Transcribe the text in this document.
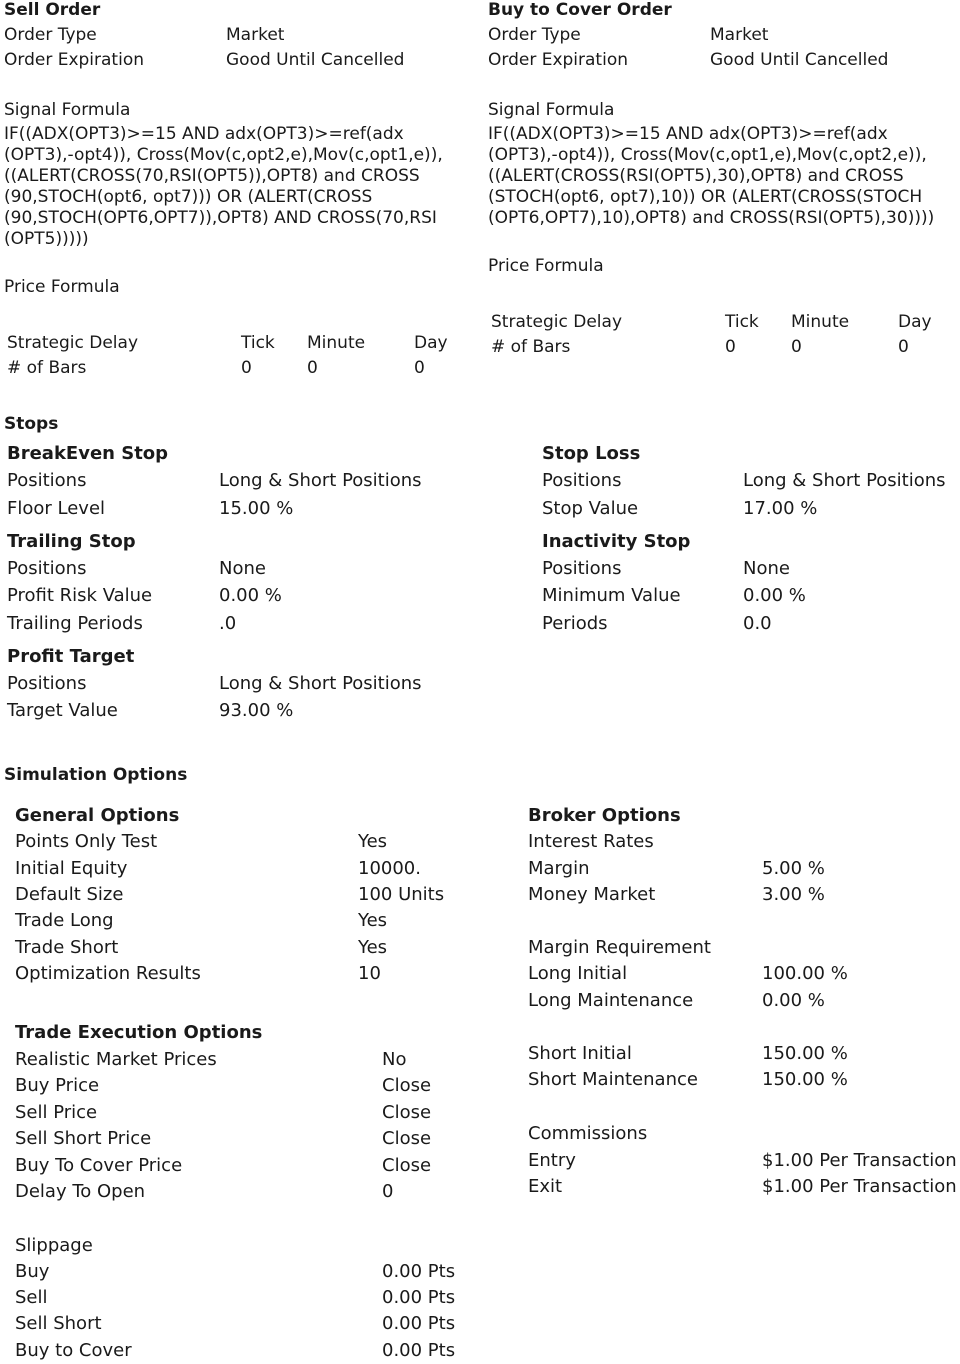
Sell Order
Order Type	Market
Order Expiration	Good Until Cancelled
Signal Formula
IF((ADX(OPT3)>=15 AND adx(OPT3)>=ref(adx
(OPT3),-opt4)), Cross(Mov(c,opt2,e),Mov(c,opt1,e)),
((ALERT(CROSS(70,RSI(OPT5)),OPT8) and CROSS
(90,STOCH(opt6, opt7))) OR (ALERT(CROSS
(90,STOCH(OPT6,OPT7)),OPT8) AND CROSS(70,RSI
(OPT5)))))
Price Formula
Strategic Delay	Tick Minute	Day
# of Bars	0	0	0
Buy to Cover Order
Order Type	Market
Order Expiration	Good Until Cancelled
Signal Formula
IF((ADX(OPT3)>=15 AND adx(OPT3)>=ref(adx
(OPT3),-opt4)), Cross(Mov(c,opt1,e),Mov(c,opt2,e)),
((ALERT(CROSS(RSI(OPT5),30),OPT8) and CROSS
(STOCH(opt6, opt7),10)) OR (ALERT(CROSS(STOCH
(OPT6,OPT7),10),OPT8) and CROSS(RSI(OPT5),30))))
Price Formula
Strategic Delay	Tick Minute	Day
# of Bars	0	0	0
Stops
BreakEven Stop
Positions	Long & Short Positions
Floor Level	15.00 %
Trailing Stop
Positions	None
Profit Risk Value	0.00 %
Trailing Periods	.0
Profit Target
Positions	Long & Short Positions
Target Value	93.00 %
Stop Loss
Positions	Long & Short Positions
Stop Value	17.00 %
Inactivity Stop
Positions	None
Minimum Value	0.00 %
Periods	0.0
Simulation Options
General Options
Points Only Test	Yes
Initial Equity	10000.
Default Size	100 Units
Trade Long	Yes
Trade Short	Yes
Optimization Results	10
Trade Execution Options
Realistic Market Prices	No
Buy Price	Close
Sell Price	Close
Sell Short Price	Close
Buy To Cover Price	Close
Delay To Open	0
Slippage
Buy	0.00 Pts
Sell	0.00 Pts
Sell Short	0.00 Pts
Buy to Cover	0.00 Pts
Broker Options
Interest Rates
Margin	5.00 %
Money Market	3.00 %
Margin Requirement
Long Initial	100.00 %
Long Maintenance	0.00 %
Short Initial	150.00 %
Short Maintenance	150.00 %
Commissions
Entry	$1.00 Per Transaction
Exit	$1.00 Per Transaction
